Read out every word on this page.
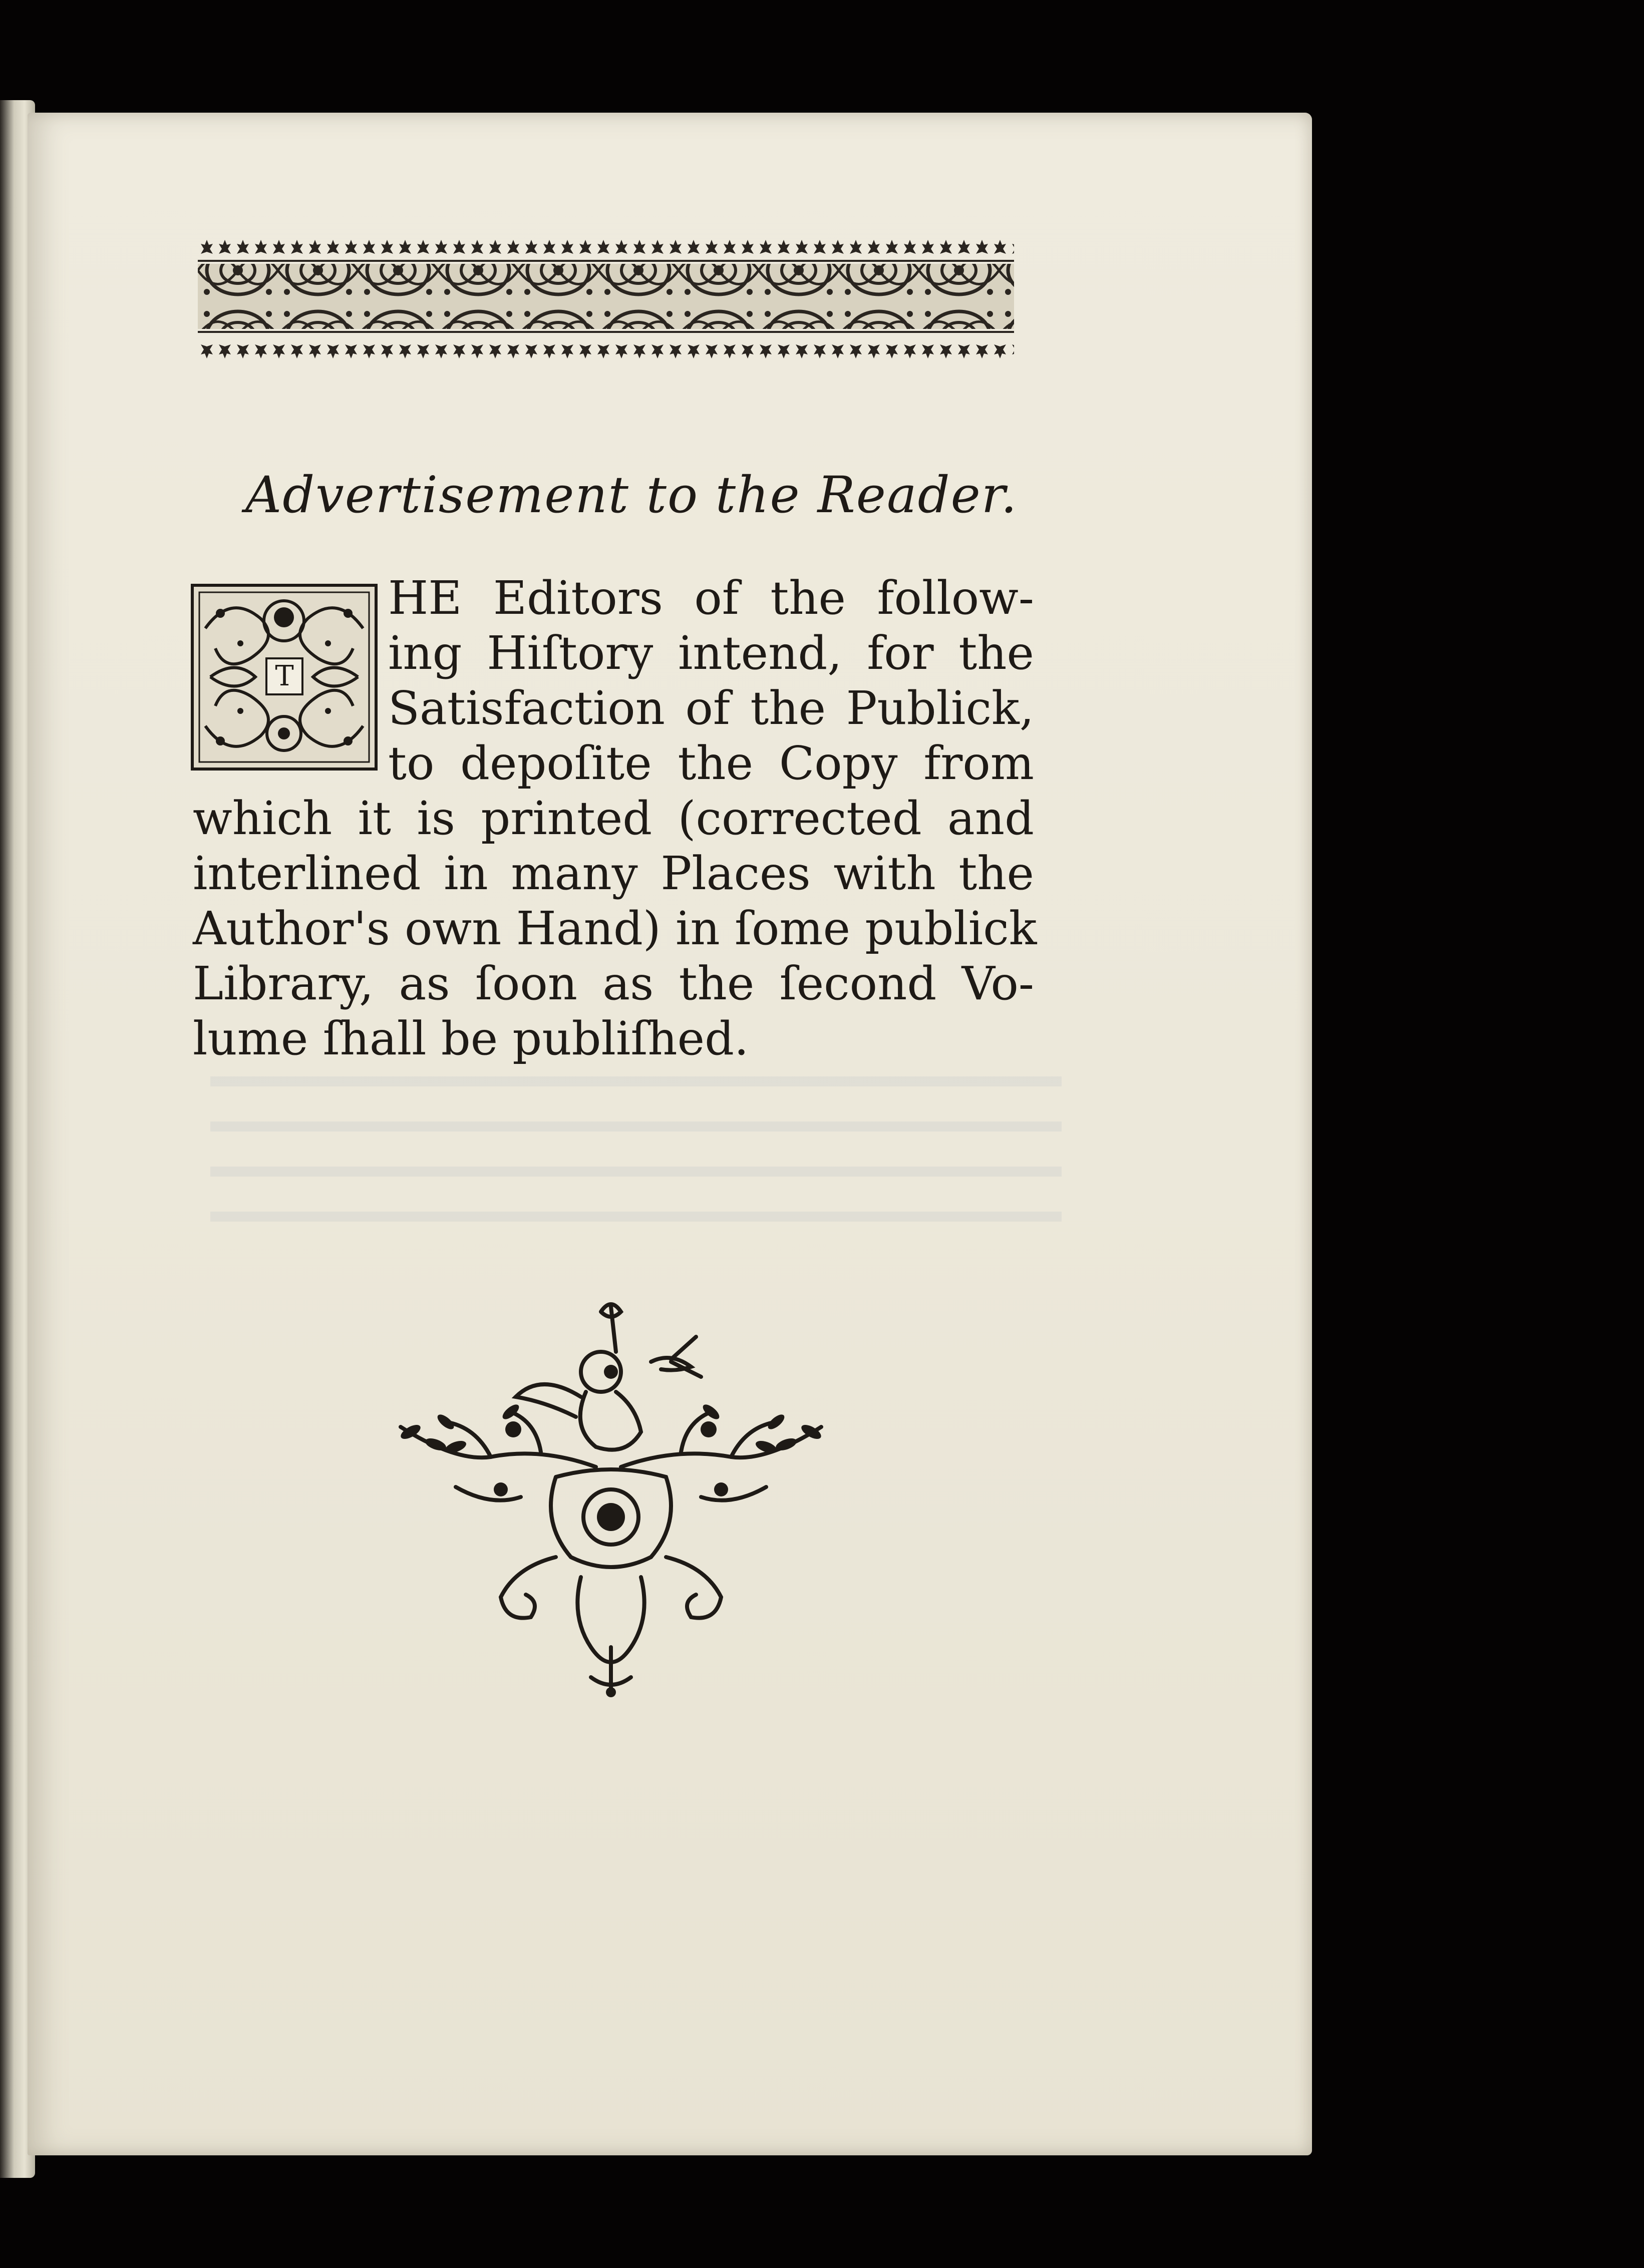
Advertisement to the Reader.
T
HE Editors of the follow-
ing Hiſtory intend, for the
Satisfaction of the Publick,
to depoſite the Copy from
which it is printed (corrected and
interlined in many Places with the
Author's own Hand) in ſome publick
Library, as ſoon as the ſecond Vo-
lume ſhall be publiſhed.
